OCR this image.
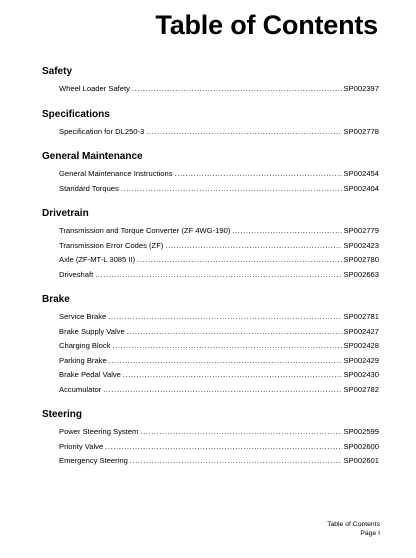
Table of Contents
Safety
Wheel Loader Safety .....	SP002397
Specifications
Specification for DL250-3 .....	SP002778
General Maintenance
General Maintenance Instructions .....	SP002454
Standard Torques .....	SP002404
Drivetrain
Transmission and Torque Converter (ZF 4WG-190) .....	SP002779
Transmission Error Codes (ZF) .....	SP002423
Axle (ZF-MT-L 3085 II) .....	SP002780
Driveshaft .....	SP002663
Brake
Service Brake .....	SP002781
Brake Supply Valve .....	SP002427
Charging Block .....	SP002428
Parking Brake .....	SP002429
Brake Pedal Valve .....	SP002430
Accumulator .....	SP002782
Steering
Power Steering System .....	SP002599
Priority Valve .....	SP002600
Emergency Steering .....	SP002601
Table of Contents
Page I
